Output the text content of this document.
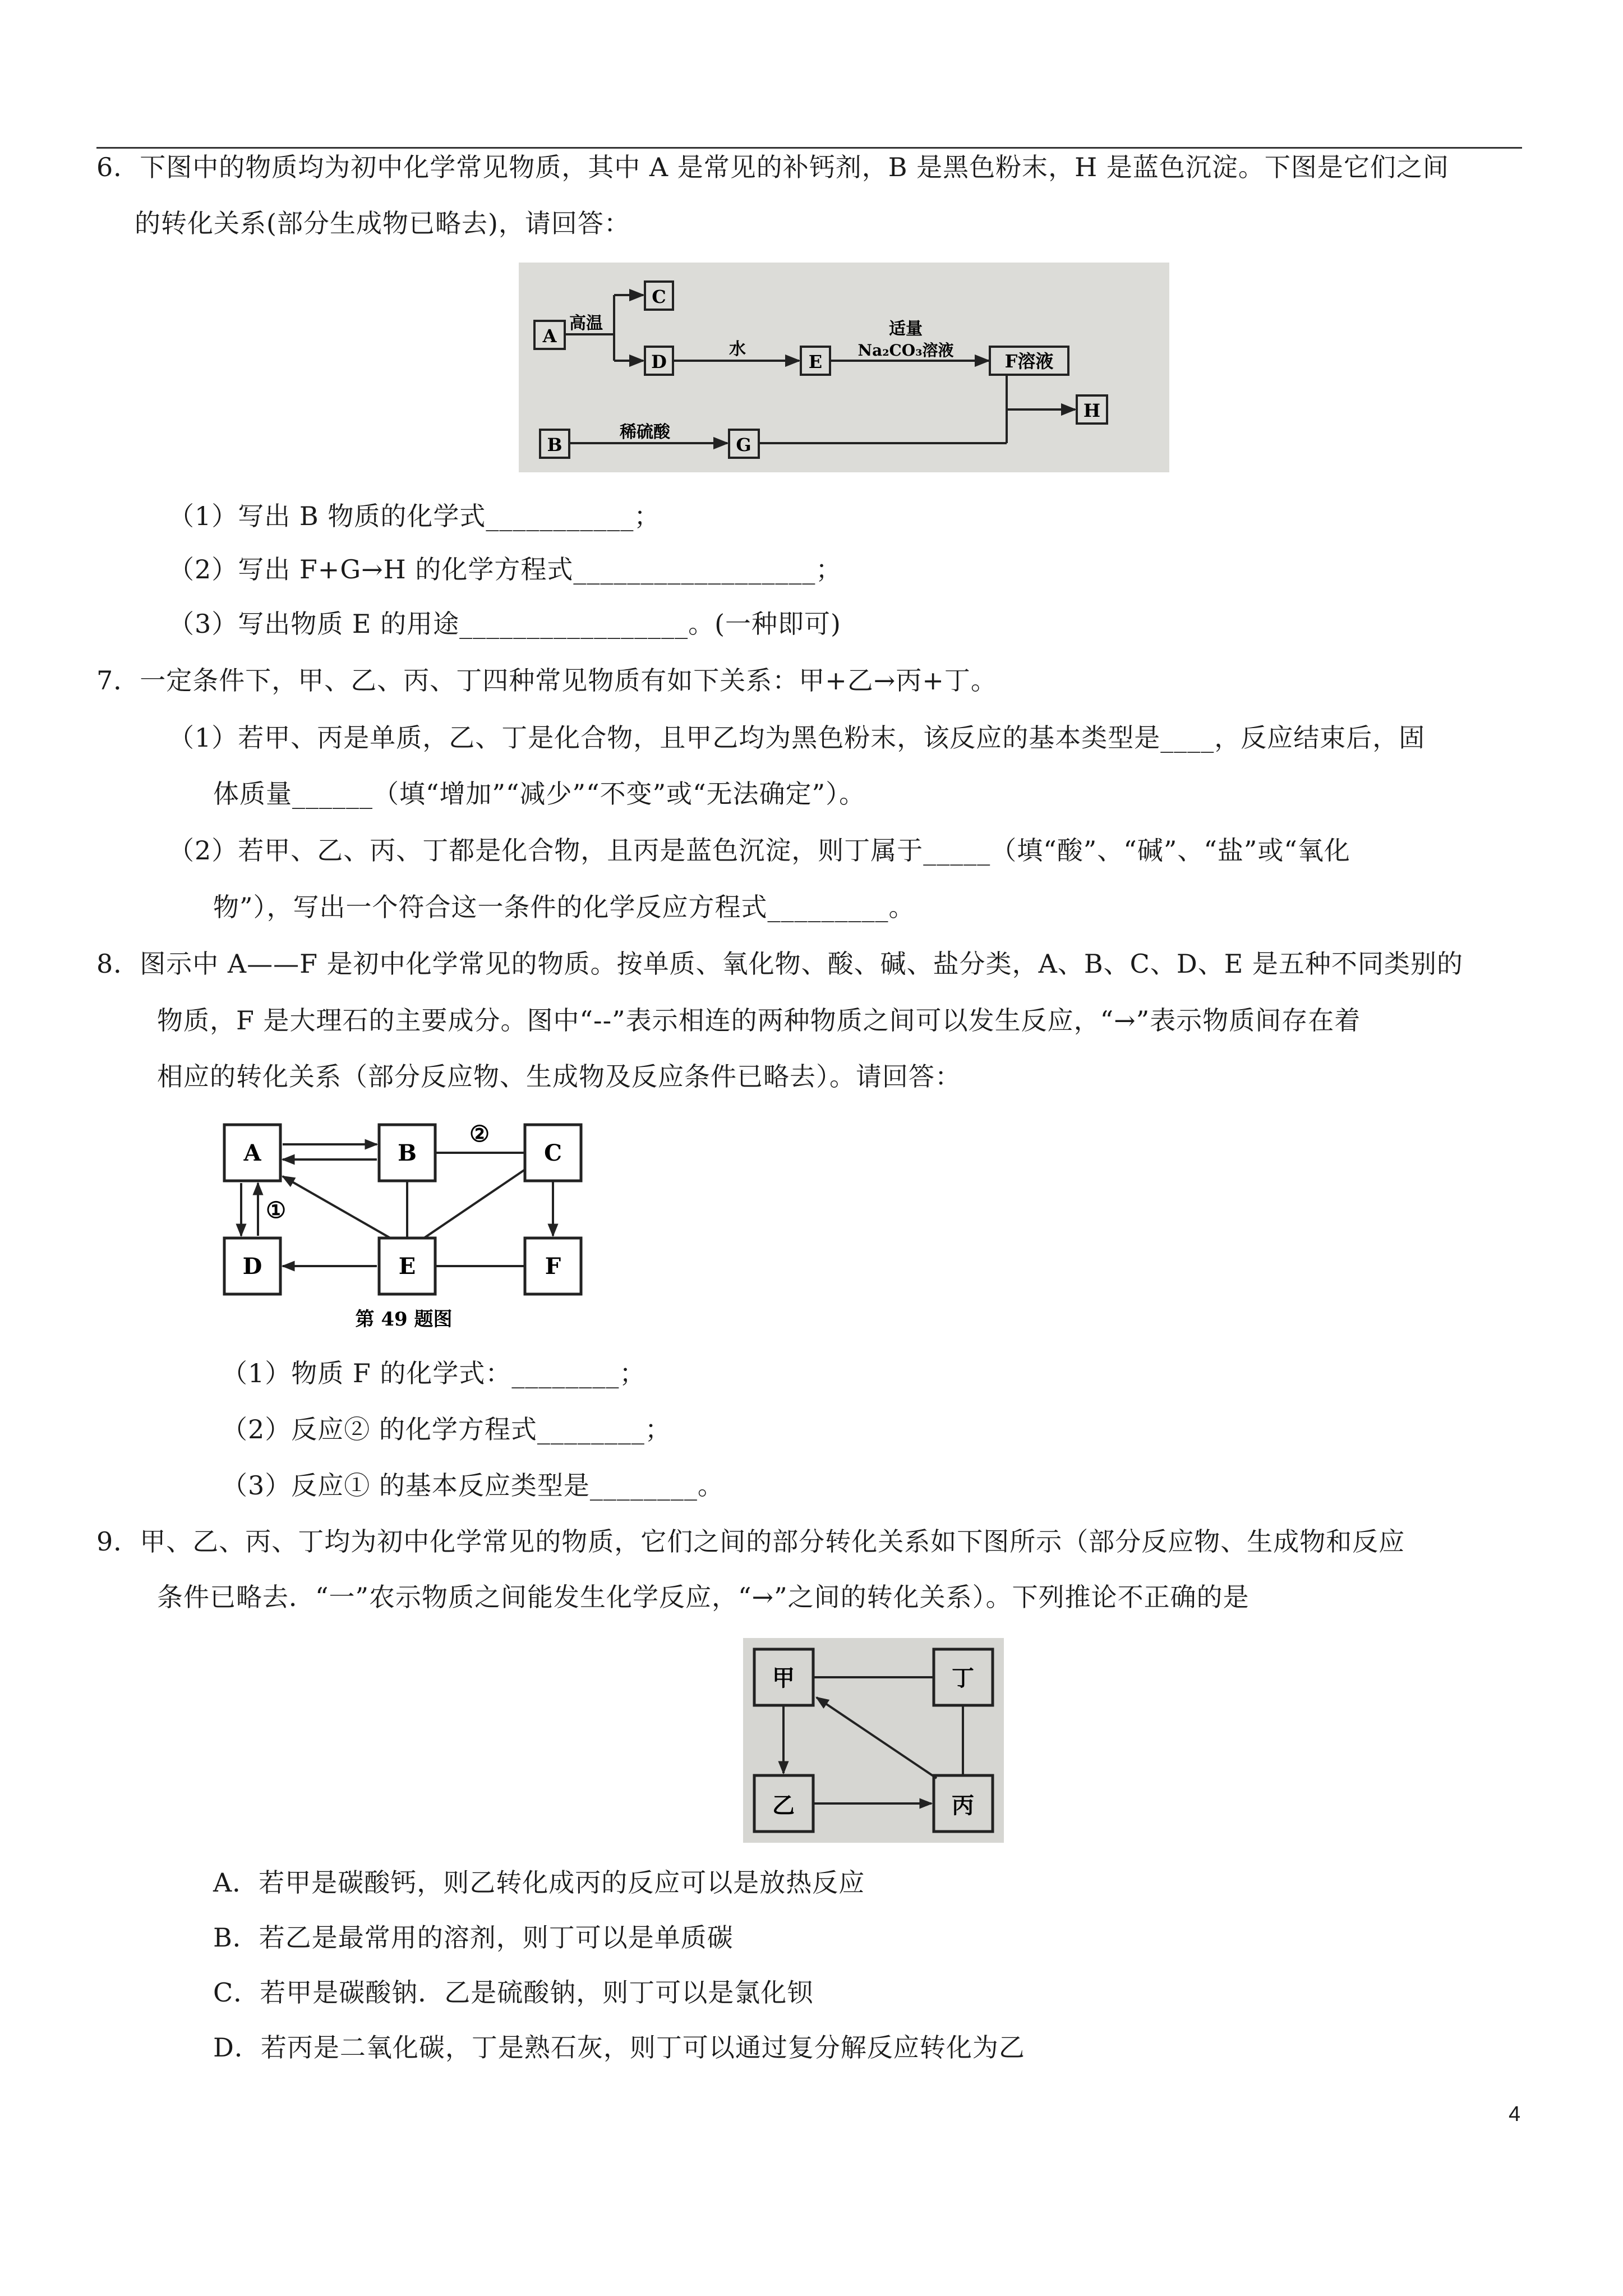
6．下图中的物质均为初中化学常见物质，其中 A 是常见的补钙剂，B 是黑色粉末，H 是蓝色沉淀。下图是它们之间
的转化关系(部分生成物已略去)，请回答：
A
C
D	E	F溶液
H
B	G
高温
水
适量
Na₂CO₃溶液
稀硫酸
（1）写出 B 物质的化学式___________；
（2）写出 F+G→H 的化学方程式__________________；
（3）写出物质 E 的用途_________________。(一种即可)
7．一定条件下，甲、乙、丙、丁四种常见物质有如下关系：甲+乙→丙+丁。
（1）若甲、丙是单质，乙、丁是化合物，且甲乙均为黑色粉末，该反应的基本类型是____，反应结束后，固
体质量______（填“增加”“减少”“不变”或“无法确定”）。
（2）若甲、乙、丙、丁都是化合物，且丙是蓝色沉淀，则丁属于_____（填“酸”、“碱”、“盐”或“氧化
物”），写出一个符合这一条件的化学反应方程式_________。
8．图示中 A——F 是初中化学常见的物质。按单质、氧化物、酸、碱、盐分类，A、B、C、D、E 是五种不同类别的
物质，F 是大理石的主要成分。图中“--”表示相连的两种物质之间可以发生反应，“→”表示物质间存在着
相应的转化关系（部分反应物、生成物及反应条件已略去）。请回答：
A	B	C
D	E	F
①
②
第 49 题图
（1）物质 F 的化学式：________；
（2）反应② 的化学方程式________；
（3）反应① 的基本反应类型是________。
9．甲、乙、丙、丁均为初中化学常见的物质，它们之间的部分转化关系如下图所示（部分反应物、生成物和反应
条件已略去．“一”农示物质之间能发生化学反应，“→”之间的转化关系）。下列推论不正确的是
甲	丁
乙	丙
A．若甲是碳酸钙，则乙转化成丙的反应可以是放热反应
B．若乙是最常用的溶剂，则丁可以是单质碳
C．若甲是碳酸钠．乙是硫酸钠，则丁可以是氯化钡
D．若丙是二氧化碳，丁是熟石灰，则丁可以通过复分解反应转化为乙
4
